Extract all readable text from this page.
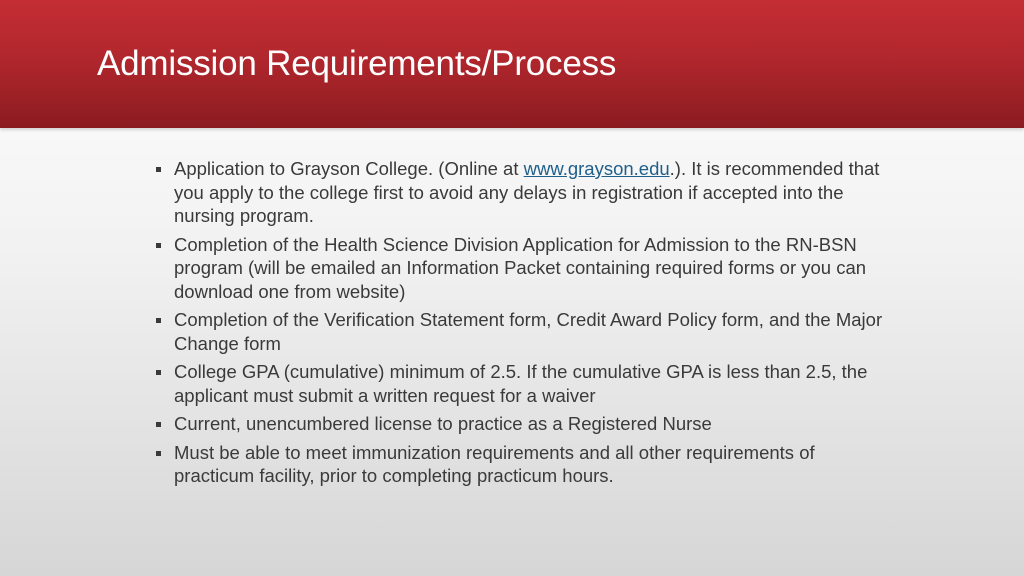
Admission Requirements/Process
Application to Grayson College. (Online at www.grayson.edu.). It is recommended that you apply to the college first to avoid any delays in registration if accepted into the nursing program.
Completion of the Health Science Division Application for Admission to the RN-BSN program (will be emailed an Information Packet containing required forms or you can download one from website)
Completion of the Verification Statement form, Credit Award Policy form, and the Major Change form
College GPA (cumulative) minimum of 2.5. If the cumulative GPA is less than 2.5, the applicant must submit a written request for a waiver
Current, unencumbered license to practice as a Registered Nurse
Must be able to meet immunization requirements and all other requirements of practicum facility, prior to completing practicum hours.
